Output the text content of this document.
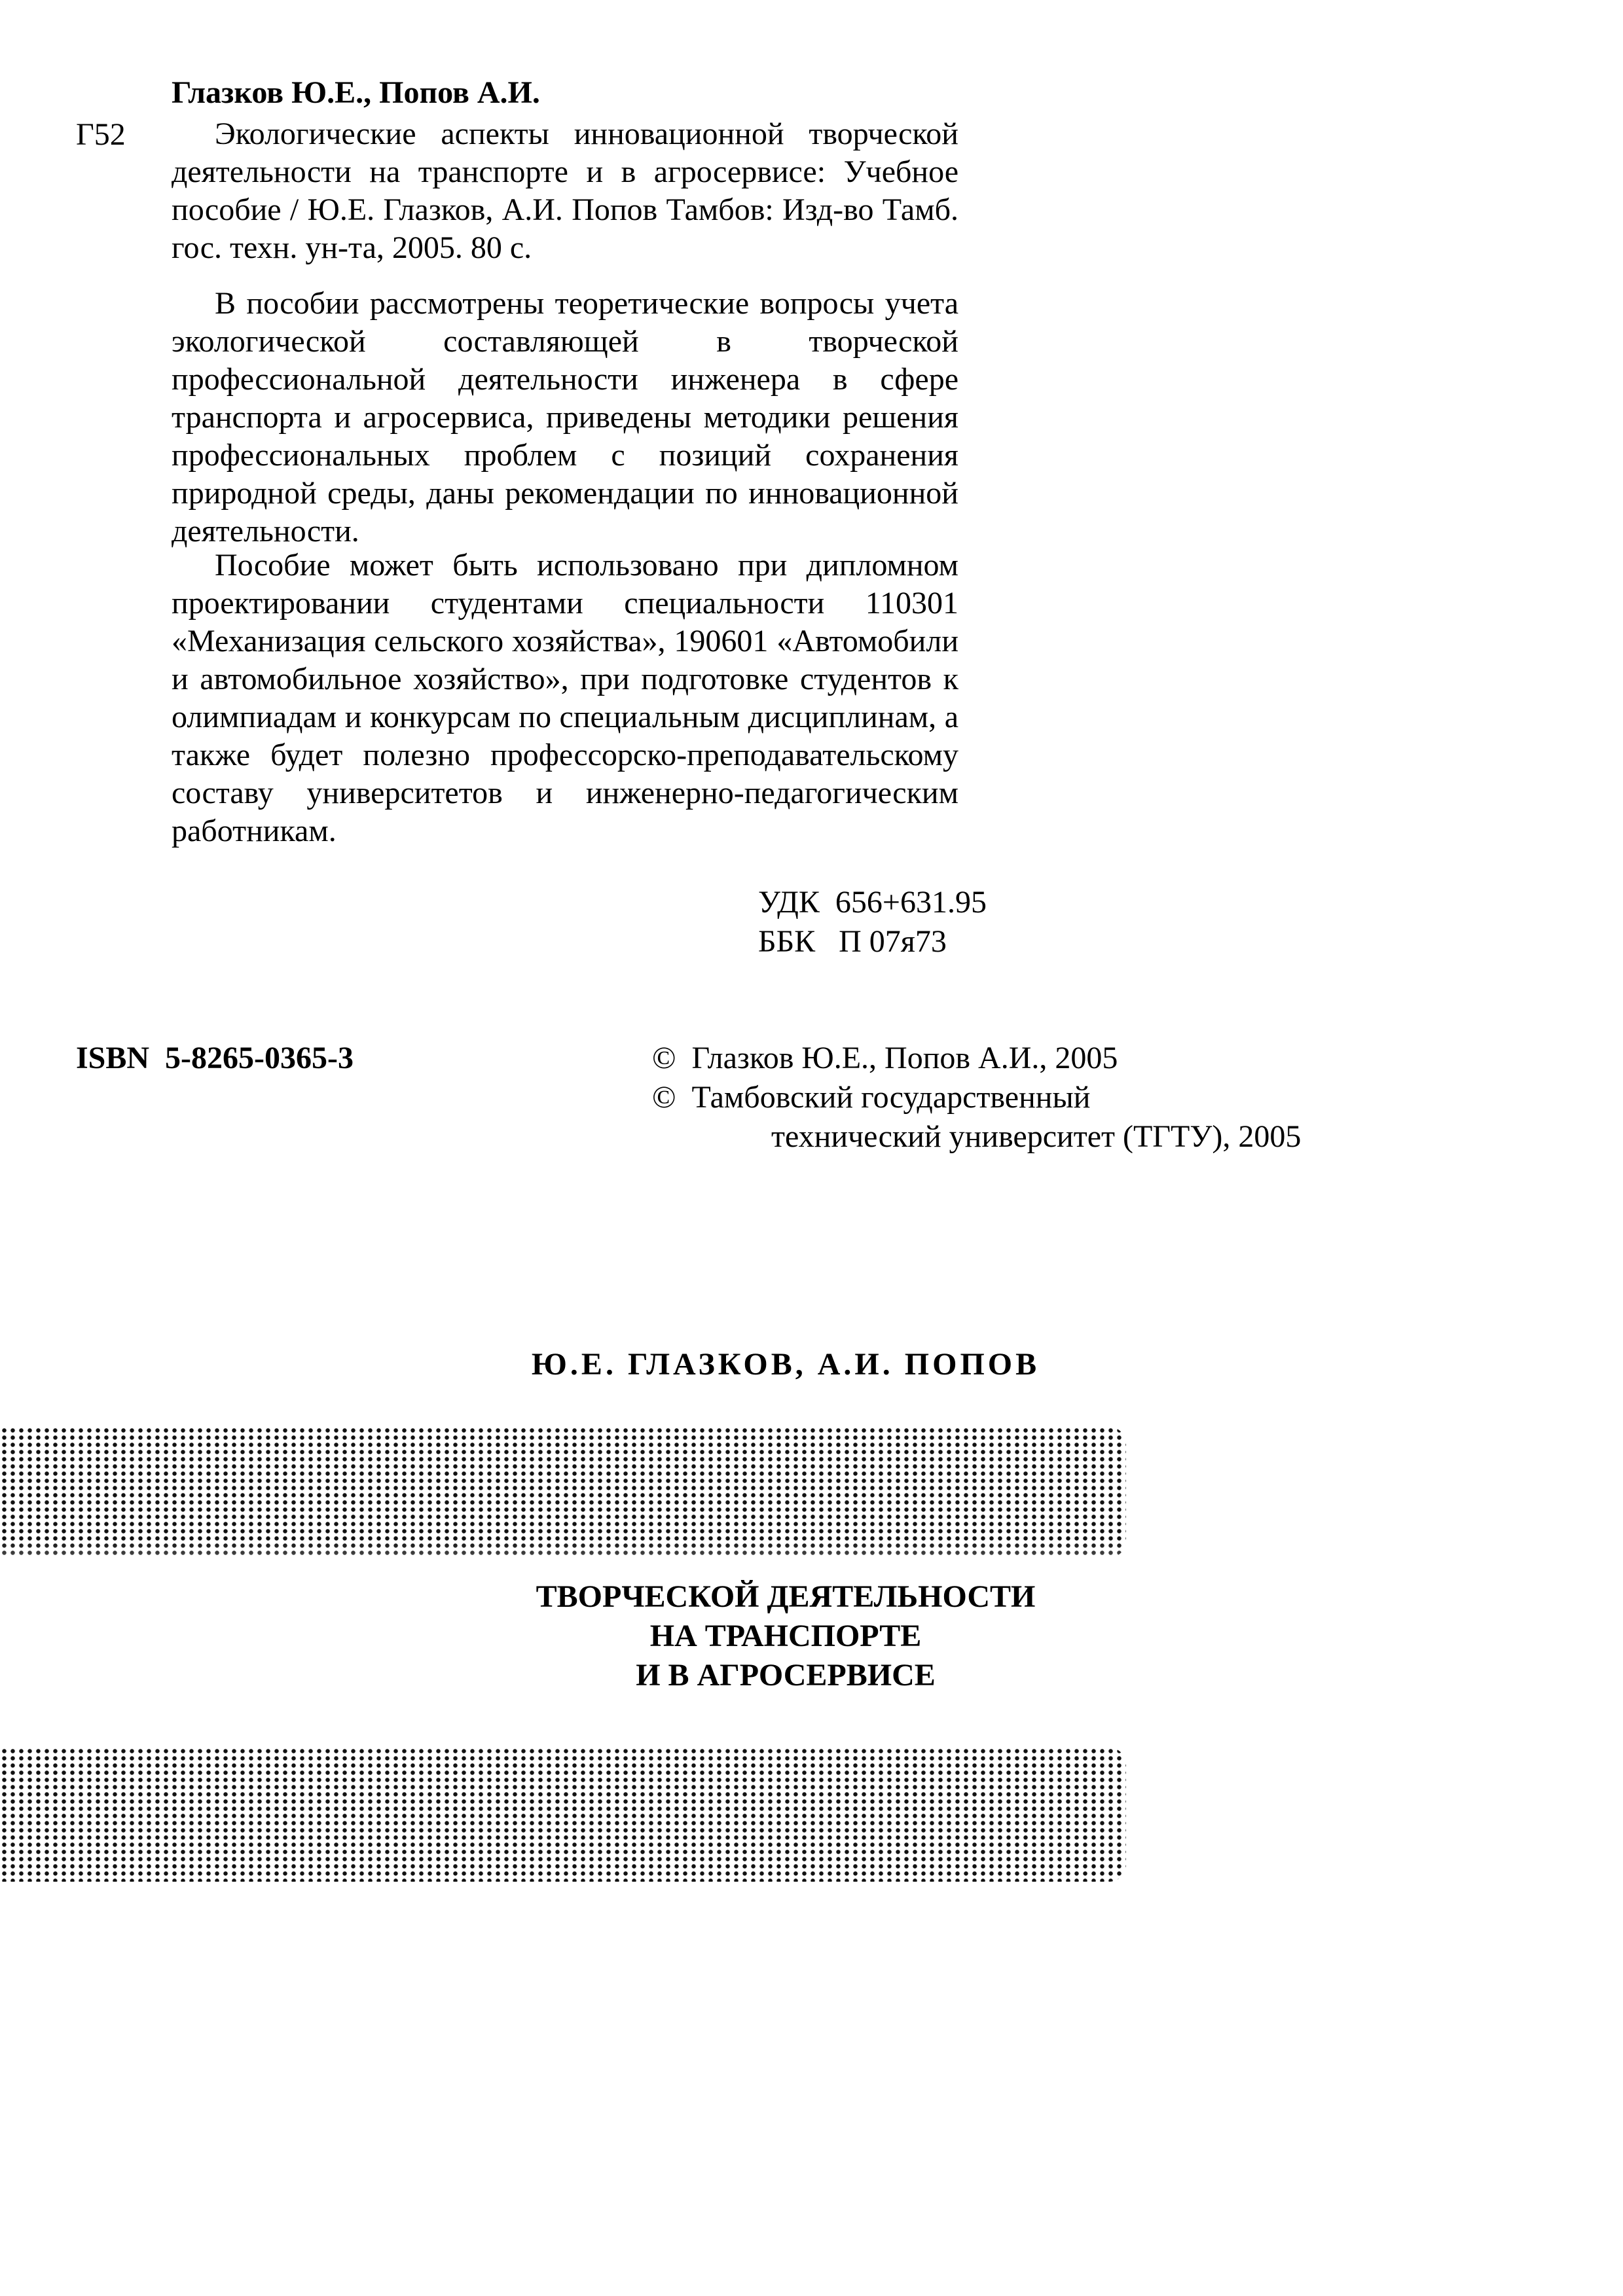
Глазков Ю.Е., Попов А.И.
Г52	Экологические аспекты инновационной творческой деятельности на транспорте и в агросервисе: Учебное пособие / Ю.Е. Глазков, А.И. Попов Тамбов: Изд-во Тамб. гос. техн. ун-та, 2005. 80 с.
В пособии рассмотрены теоретические вопросы учета экологической составляющей в творческой профессиональной деятельности инженера в сфере транспорта и агросервиса, приведены методики решения профессиональных проблем с позиций сохранения природной среды, даны рекомендации по инновационной деятельности.
Пособие может быть использовано при дипломном проектировании студентами специальности 110301 «Механизация сельского хозяйства», 190601 «Автомобили и автомобильное хозяйство», при подготовке студентов к олимпиадам и конкурсам по специальным дисциплинам, а также будет полезно профессорско-преподавательскому составу университетов и инженерно-педагогическим работникам.
УДК  656+631.95
ББК   П 07я73
ISBN  5-8265-0365-3	©  Глазков Ю.Е., Попов А.И., 2005
©  Тамбовский государственный
технический университет (ТГТУ), 2005
Ю.Е. ГЛАЗКОВ, А.И. ПОПОВ
ТВОРЧЕСКОЙ ДЕЯТЕЛЬНОСТИ
НА ТРАНСПОРТЕ
И В АГРОСЕРВИСЕ
